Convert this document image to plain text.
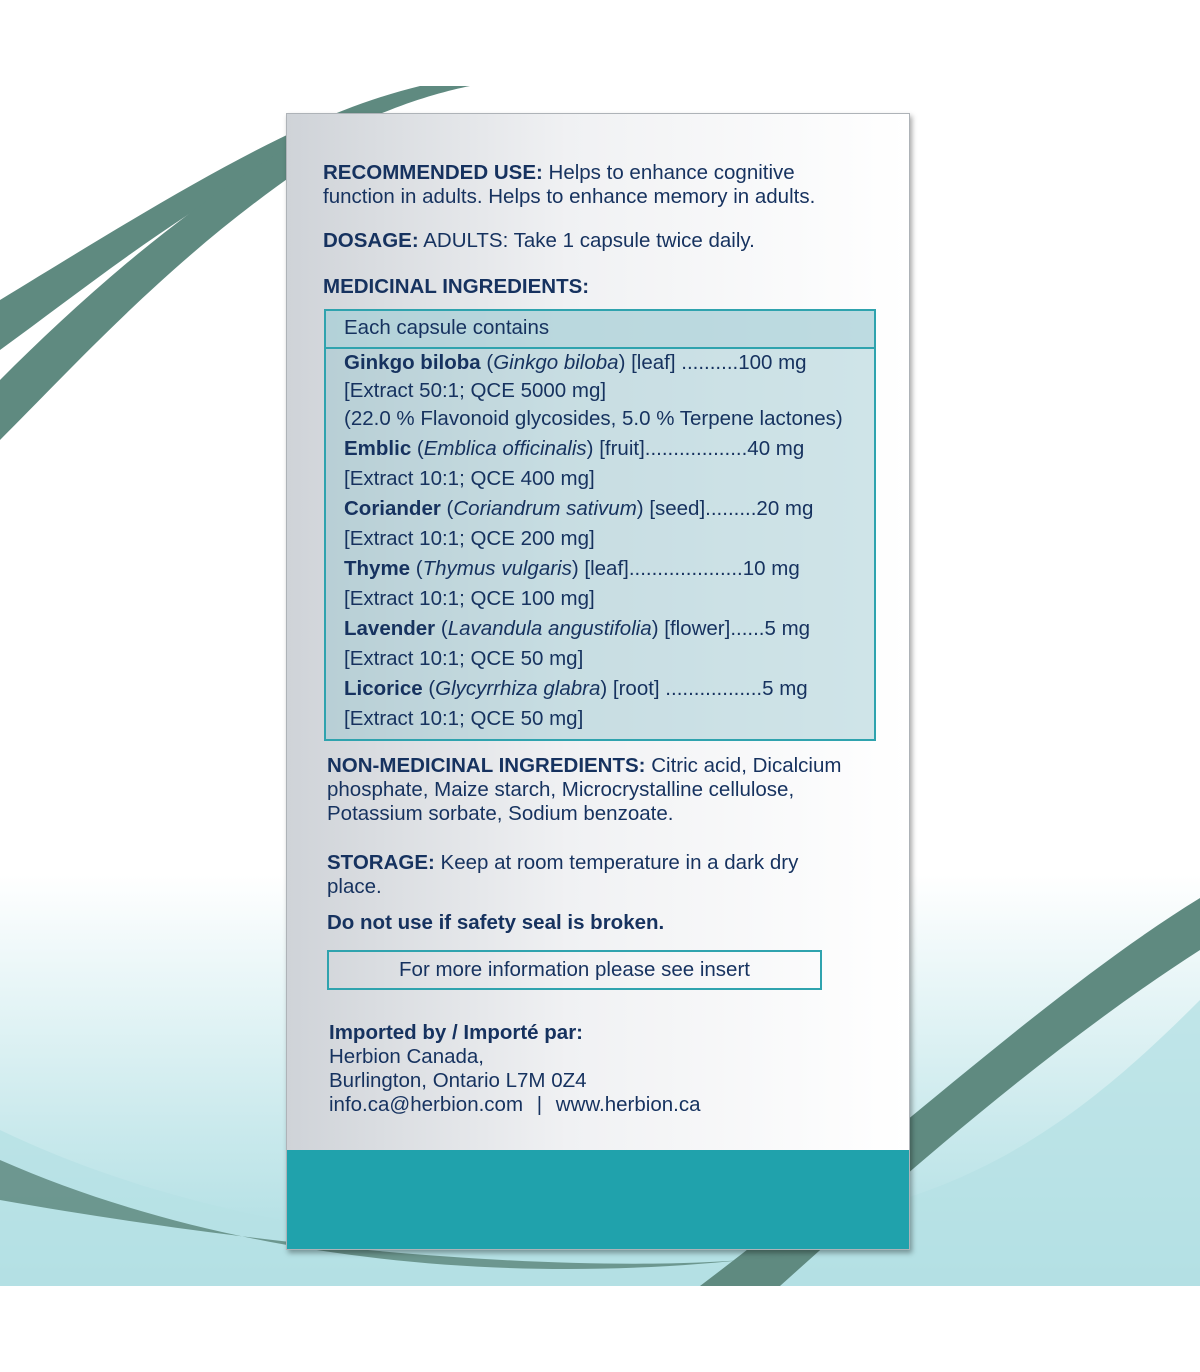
RECOMMENDED USE: Helps to enhance cognitive
function in adults. Helps to enhance memory in adults.

DOSAGE: ADULTS: Take 1 capsule twice daily.

MEDICINAL INGREDIENTS:

Each capsule contains
Ginkgo biloba (Ginkgo biloba) [leaf] ..........100 mg
[Extract 50:1; QCE 5000 mg]
(22.0 % Flavonoid glycosides, 5.0 % Terpene lactones)
Emblic (Emblica officinalis) [fruit]..................40 mg
[Extract 10:1; QCE 400 mg]
Coriander (Coriandrum sativum) [seed].........20 mg
[Extract 10:1; QCE 200 mg]
Thyme (Thymus vulgaris) [leaf]....................10 mg
[Extract 10:1; QCE 100 mg]
Lavender (Lavandula angustifolia) [flower]......5 mg
[Extract 10:1; QCE 50 mg]
Licorice (Glycyrrhiza glabra) [root] .................5 mg
[Extract 10:1; QCE 50 mg]

NON-MEDICINAL INGREDIENTS: Citric acid, Dicalcium
phosphate, Maize starch, Microcrystalline cellulose,
Potassium sorbate, Sodium benzoate.

STORAGE: Keep at room temperature in a dark dry
place.

Do not use if safety seal is broken.

For more information please see insert

Imported by / Importé par:
Herbion Canada,
Burlington, Ontario L7M 0Z4
info.ca@herbion.com | www.herbion.ca
